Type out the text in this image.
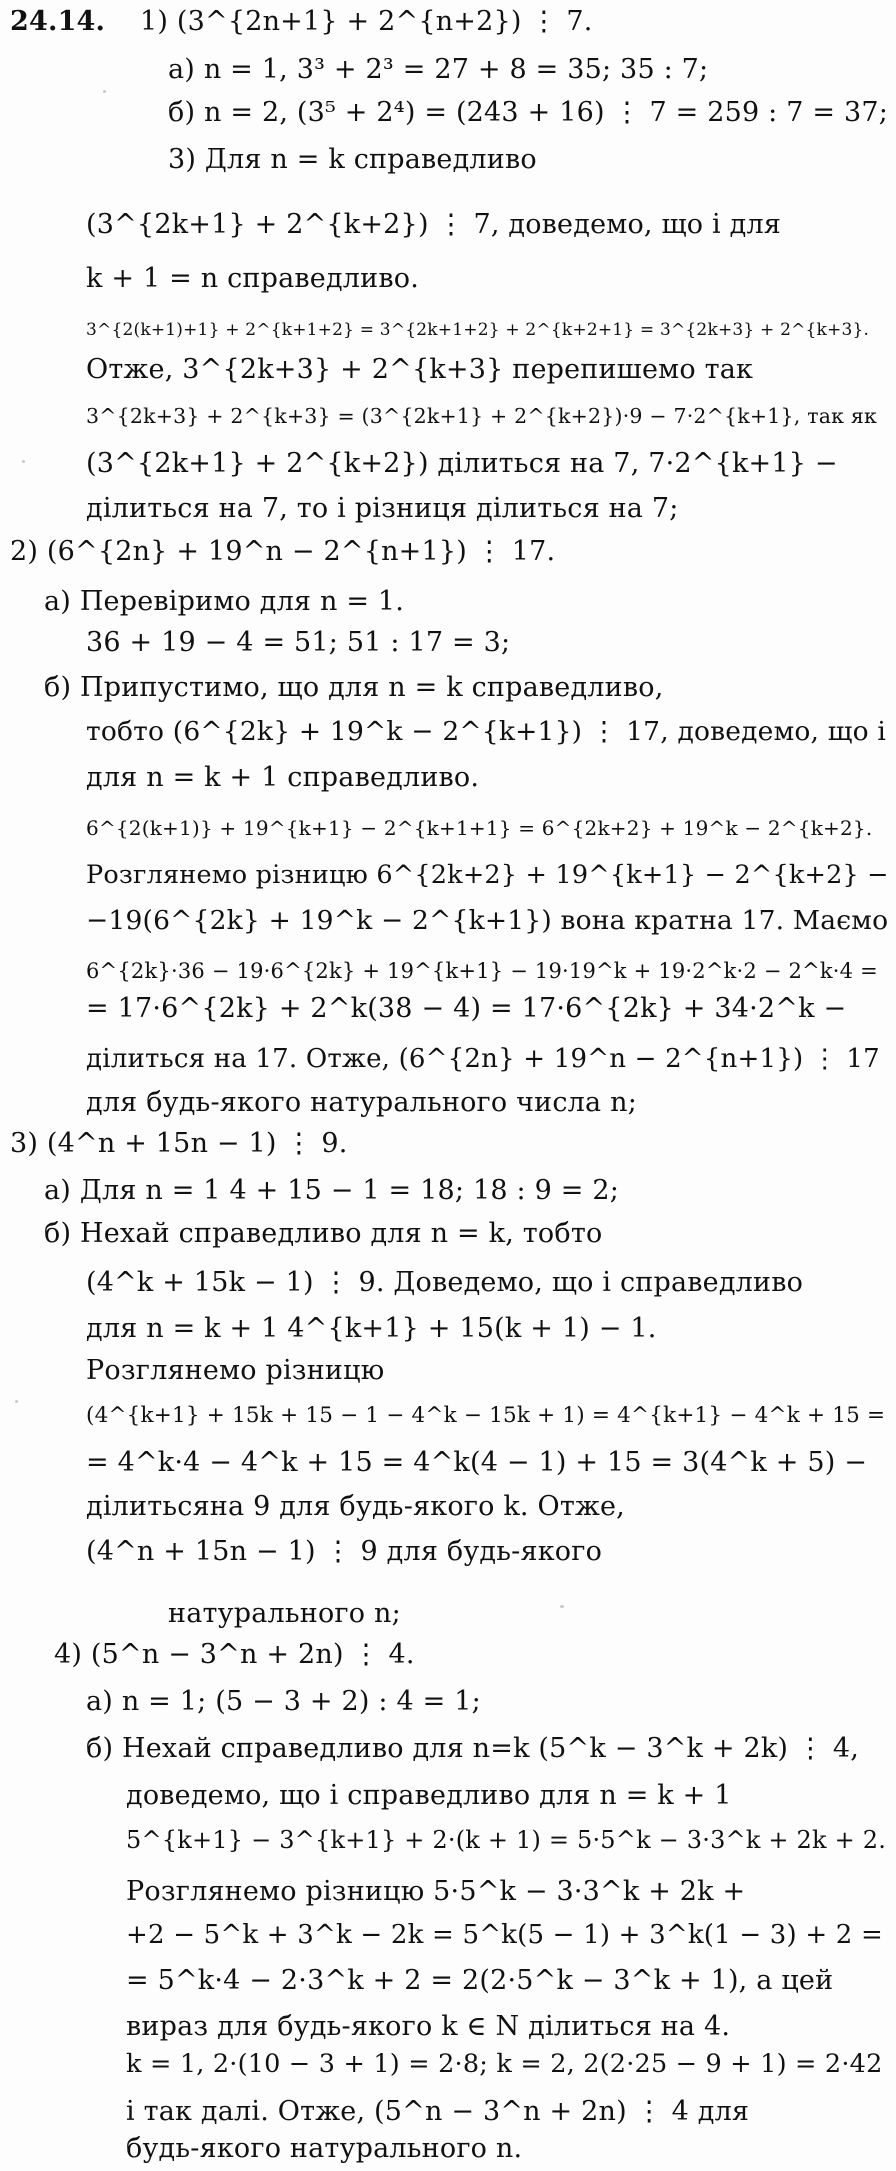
24.14. 1) (3^{2n+1} + 2^{n+2}) ⋮ 7.
а) n = 1, 3³ + 2³ = 27 + 8 = 35; 35 : 7;
б) n = 2, (3⁵ + 2⁴) = (243 + 16) ⋮ 7 = 259 : 7 = 37;
3) Для n = k справедливо
(3^{2k+1} + 2^{k+2}) ⋮ 7, доведемо, що і для
k + 1 = n справедливо.
3^{2(k+1)+1} + 2^{k+1+2} = 3^{2k+1+2} + 2^{k+2+1} = 3^{2k+3} + 2^{k+3}.
Отже, 3^{2k+3} + 2^{k+3} перепишемо так
3^{2k+3} + 2^{k+3} = (3^{2k+1} + 2^{k+2})·9 − 7·2^{k+1}, так як
(3^{2k+1} + 2^{k+2}) ділиться на 7, 7·2^{k+1} −
ділиться на 7, то і різниця ділиться на 7;
2) (6^{2n} + 19^n − 2^{n+1}) ⋮ 17.
а) Перевіримо для n = 1.
36 + 19 − 4 = 51; 51 : 17 = 3;
б) Припустимо, що для n = k справедливо,
тобто (6^{2k} + 19^k − 2^{k+1}) ⋮ 17, доведемо, що і
для n = k + 1 справедливо.
6^{2(k+1)} + 19^{k+1} − 2^{k+1+1} = 6^{2k+2} + 19^k − 2^{k+2}.
Розглянемо різницю 6^{2k+2} + 19^{k+1} − 2^{k+2} −
−19(6^{2k} + 19^k − 2^{k+1}) вона кратна 17. Маємо
6^{2k}·36 − 19·6^{2k} + 19^{k+1} − 19·19^k + 19·2^k·2 − 2^k·4 =
= 17·6^{2k} + 2^k(38 − 4) = 17·6^{2k} + 34·2^k −
ділиться на 17. Отже, (6^{2n} + 19^n − 2^{n+1}) ⋮ 17
для будь-якого натурального числа n;
3) (4^n + 15n − 1) ⋮ 9.
а) Для n = 1 4 + 15 − 1 = 18; 18 : 9 = 2;
б) Нехай справедливо для n = k, тобто
(4^k + 15k − 1) ⋮ 9. Доведемо, що і справедливо
для n = k + 1 4^{k+1} + 15(k + 1) − 1.
Розглянемо різницю
(4^{k+1} + 15k + 15 − 1 − 4^k − 15k + 1) = 4^{k+1} − 4^k + 15 =
= 4^k·4 − 4^k + 15 = 4^k(4 − 1) + 15 = 3(4^k + 5) −
ділитьсяна 9 для будь-якого k. Отже,
(4^n + 15n − 1) ⋮ 9 для будь-якого
натурального n;
4) (5^n − 3^n + 2n) ⋮ 4.
а) n = 1; (5 − 3 + 2) : 4 = 1;
б) Нехай справедливо для n=k (5^k − 3^k + 2k) ⋮ 4,
доведемо, що і справедливо для n = k + 1
5^{k+1} − 3^{k+1} + 2·(k + 1) = 5·5^k − 3·3^k + 2k + 2.
Розглянемо різницю 5·5^k − 3·3^k + 2k +
+2 − 5^k + 3^k − 2k = 5^k(5 − 1) + 3^k(1 − 3) + 2 =
= 5^k·4 − 2·3^k + 2 = 2(2·5^k − 3^k + 1), а цей
вираз для будь-якого k ∈ N ділиться на 4.
k = 1, 2·(10 − 3 + 1) = 2·8; k = 2, 2(2·25 − 9 + 1) = 2·42
і так далі. Отже, (5^n − 3^n + 2n) ⋮ 4 для
будь-якого натурального n.
